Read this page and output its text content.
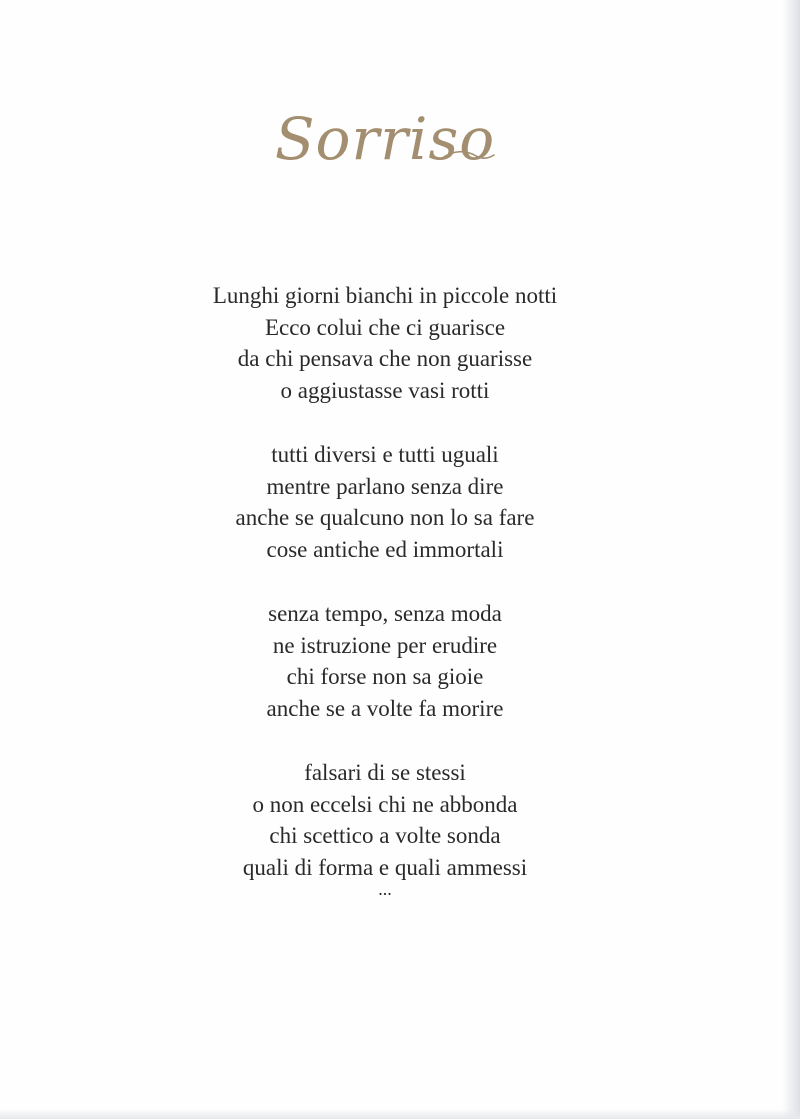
Sorriso
Lunghi giorni bianchi in piccole notti
Ecco colui che ci guarisce
da chi pensava che non guarisse
o aggiustasse vasi rotti
tutti diversi e tutti uguali
mentre parlano senza dire
anche se qualcuno non lo sa fare
cose antiche ed immortali
senza tempo, senza moda
ne istruzione per erudire
chi forse non sa gioie
anche se a volte fa morire
falsari di se stessi
o non eccelsi chi ne abbonda
chi scettico a volte sonda
quali di forma e quali ammessi
...
